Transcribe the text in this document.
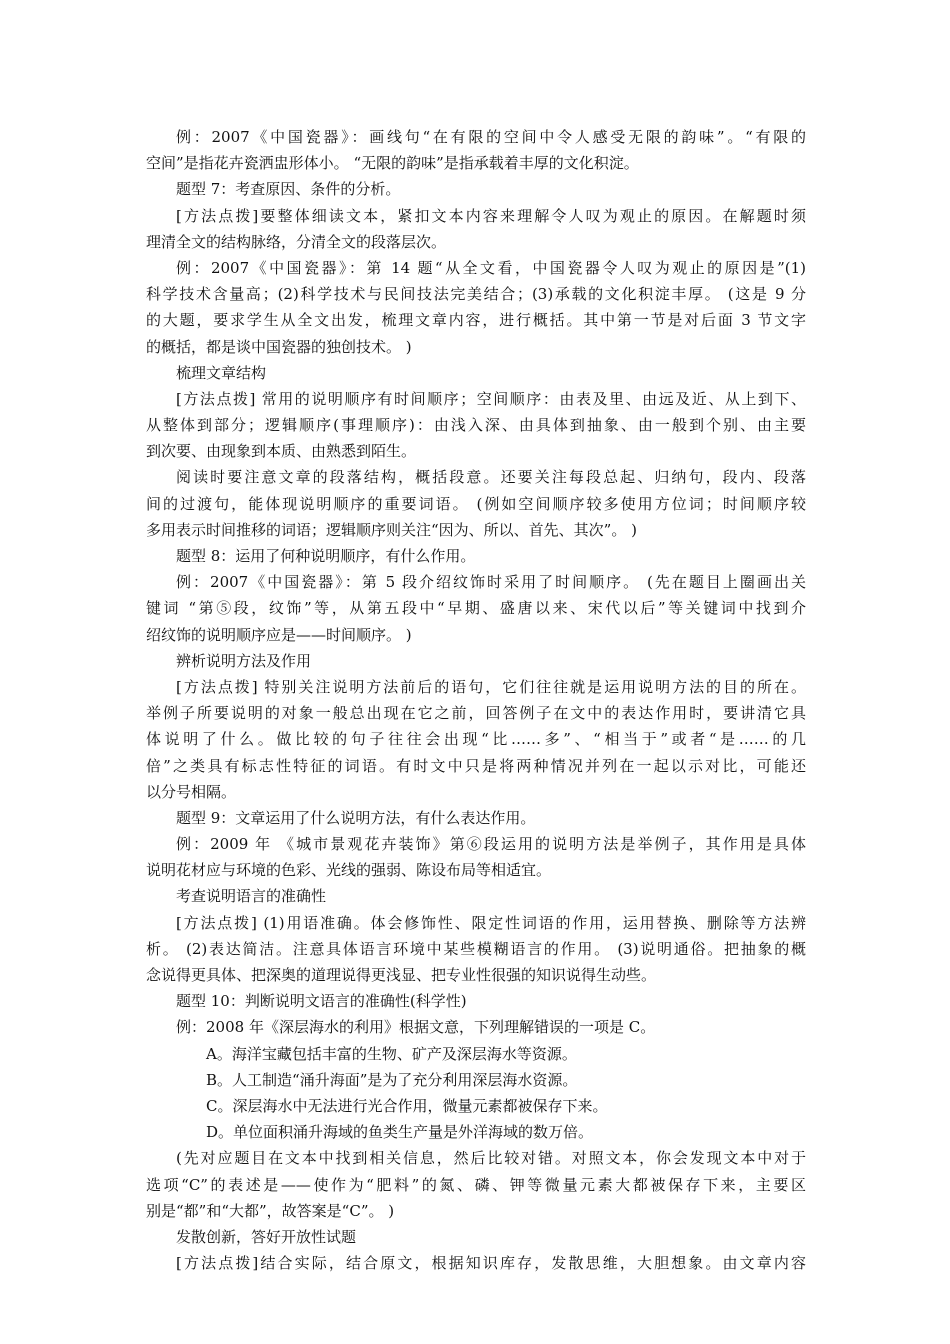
例：2007《中国瓷器》：画线句“在有限的空间中令人感受无限的韵味”。“有限的
空间”是指花卉瓷洒盅形体小。 “无限的韵味”是指承载着丰厚的文化积淀。
题型 7：考查原因、条件的分析。
[方法点拨]要整体细读文本，紧扣文本内容来理解令人叹为观止的原因。在解题时须
理清全文的结构脉络，分清全文的段落层次。
例：2007《中国瓷器》：第 14 题“从全文看，中国瓷器令人叹为观止的原因是”(1)
科学技术含量高；(2)科学技术与民间技法完美结合；(3)承载的文化积淀丰厚。 (这是 9 分
的大题，要求学生从全文出发，梳理文章内容，进行概括。其中第一节是对后面 3 节文字
的概括，都是谈中国瓷器的独创技术。 )
梳理文章结构
[方法点拨] 常用的说明顺序有时间顺序；空间顺序：由表及里、由远及近、从上到下、
从整体到部分；逻辑顺序(事理顺序)：由浅入深、由具体到抽象、由一般到个别、由主要
到次要、由现象到本质、由熟悉到陌生。
阅读时要注意文章的段落结构，概括段意。还要关注每段总起、归纳句，段内、段落
间的过渡句，能体现说明顺序的重要词语。 (例如空间顺序较多使用方位词；时间顺序较
多用表示时间推移的词语；逻辑顺序则关注“因为、所以、首先、其次”。 )
题型 8：运用了何种说明顺序，有什么作用。
例：2007《中国瓷器》：第 5 段介绍纹饰时采用了时间顺序。 (先在题目上圈画出关
键词 “第⑤段，纹饰”等，从第五段中“早期、盛唐以来、宋代以后”等关键词中找到介
绍纹饰的说明顺序应是——时间顺序。 )
辨析说明方法及作用
[方法点拨] 特别关注说明方法前后的语句，它们往往就是运用说明方法的目的所在。
举例子所要说明的对象一般总出现在它之前，回答例子在文中的表达作用时，要讲清它具
体说明了什么。做比较的句子往往会出现“比……多”、“相当于”或者“是……的几
倍”之类具有标志性特征的词语。有时文中只是将两种情况并列在一起以示对比，可能还
以分号相隔。
题型 9：文章运用了什么说明方法，有什么表达作用。
例：2009 年 《城市景观花卉装饰》第⑥段运用的说明方法是举例子，其作用是具体
说明花材应与环境的色彩、光线的强弱、陈设布局等相适宜。
考查说明语言的准确性
[方法点拨] (1)用语准确。体会修饰性、限定性词语的作用，运用替换、删除等方法辨
析。 (2)表达简洁。注意具体语言环境中某些模糊语言的作用。 (3)说明通俗。把抽象的概
念说得更具体、把深奥的道理说得更浅显、把专业性很强的知识说得生动些。
题型 10：判断说明文语言的准确性(科学性)
例：2008 年《深层海水的利用》根据文意，下列理解错误的一项是 C。
A。海洋宝藏包括丰富的生物、矿产及深层海水等资源。
B。人工制造“涌升海面”是为了充分利用深层海水资源。
C。深层海水中无法进行光合作用，微量元素都被保存下来。
D。单位面积涌升海域的鱼类生产量是外洋海域的数万倍。
(先对应题目在文本中找到相关信息，然后比较对错。对照文本，你会发现文本中对于
选项“C”的表述是——使作为“肥料”的氮、磷、钾等微量元素大都被保存下来，主要区
别是“都”和“大都”，故答案是“C”。 )
发散创新，答好开放性试题
[方法点拨]结合实际，结合原文，根据知识库存，发散思维，大胆想象。由文章内容
